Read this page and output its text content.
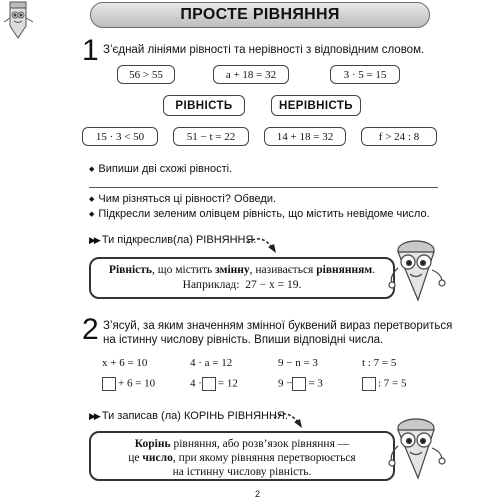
ПРОСТЕ РІВНЯННЯ
1 З’єднай лініями рівності та нерівності з відповідним словом.
56 > 55	a + 18 = 32	3 · 5 = 15
РІВНІСТЬ	НЕРІВНІСТЬ
15 · 3 < 50	51 − t = 22	14 + 18 = 32	f > 24 : 8
◆ Випиши дві схожі рівності.
◆ Чим різняться ці рівності? Обведи.
◆ Підкресли зеленим олівцем рівність, що містить невідоме число.
▶▶ Ти підкреслив(ла) РІВНЯННЯ.
Рівність, що містить змінну, називається рівнянням.
Наприклад: 27 − x = 19.
2 З’ясуй, за яким значенням змінної буквений вираз перетвориться
на істинну числову рівність. Впиши відповідні числа.
x + 6 = 10	4 · a = 12	9 − n = 3	t : 7 = 5
+ 6 = 10	4 · = 12	9 − = 3	: 7 = 5
▶▶ Ти записав (ла) КОРІНЬ РІВНЯННЯ.
Корінь рівняння, або розв’язок рівняння —
це число, при якому рівняння перетворюється
на істинну числову рівність.
2
